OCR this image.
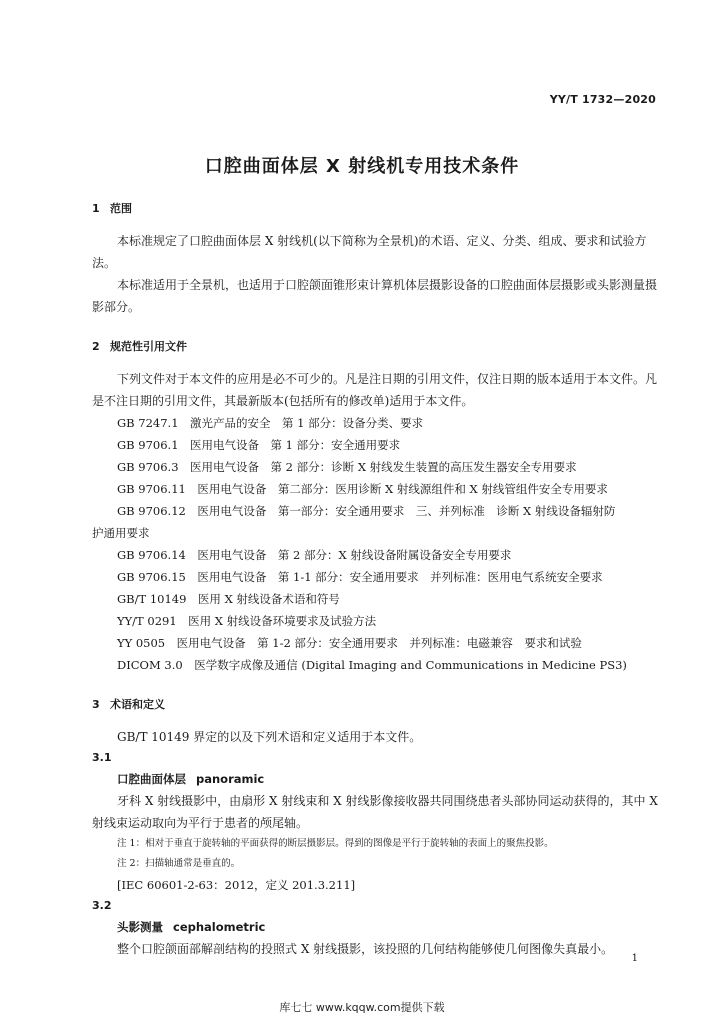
YY/T 1732—2020
口腔曲面体层 X 射线机专用技术条件
1 范围

本标准规定了口腔曲面体层 X 射线机(以下简称为全景机)的术语、定义、分类、组成、要求和试验方法。

本标准适用于全景机，也适用于口腔颌面锥形束计算机体层摄影设备的口腔曲面体层摄影或头影测量摄影部分。

2 规范性引用文件

下列文件对于本文件的应用是必不可少的。凡是注日期的引用文件，仅注日期的版本适用于本文件。凡是不注日期的引用文件，其最新版本(包括所有的修改单)适用于本文件。

GB 7247.1　激光产品的安全　第 1 部分：设备分类、要求
GB 9706.1　医用电气设备　第 1 部分：安全通用要求
GB 9706.3　医用电气设备　第 2 部分：诊断 X 射线发生装置的高压发生器安全专用要求
GB 9706.11　医用电气设备　第二部分：医用诊断 X 射线源组件和 X 射线管组件安全专用要求
GB 9706.12　医用电气设备　第一部分：安全通用要求　三、并列标准　诊断 X 射线设备辐射防
护通用要求
GB 9706.14　医用电气设备　第 2 部分：X 射线设备附属设备安全专用要求
GB 9706.15　医用电气设备　第 1-1 部分：安全通用要求　并列标准：医用电气系统安全要求
GB/T 10149　医用 X 射线设备术语和符号
YY/T 0291　医用 X 射线设备环境要求及试验方法
YY 0505　医用电气设备　第 1-2 部分：安全通用要求　并列标准：电磁兼容　要求和试验
DICOM 3.0　医学数字成像及通信 (Digital Imaging and Communications in Medicine PS3)
3 术语和定义

GB/T 10149 界定的以及下列术语和定义适用于本文件。

3.1
口腔曲面体层 panoramic

牙科 X 射线摄影中，由扇形 X 射线束和 X 射线影像接收器共同围绕患者头部协同运动获得的，其中 X 射线束运动取向为平行于患者的颅尾轴。

注 1：相对于垂直于旋转轴的平面获得的断层摄影层。得到的图像是平行于旋转轴的表面上的聚焦投影。
注 2：扫描轴通常是垂直的。
[IEC 60601-2-63：2012，定义 201.3.211]
3.2
头影测量 cephalometric

整个口腔颌面部解剖结构的投照式 X 射线摄影，该投照的几何结构能够使几何图像失真最小。

1
库七七 www.kqqw.com提供下载
